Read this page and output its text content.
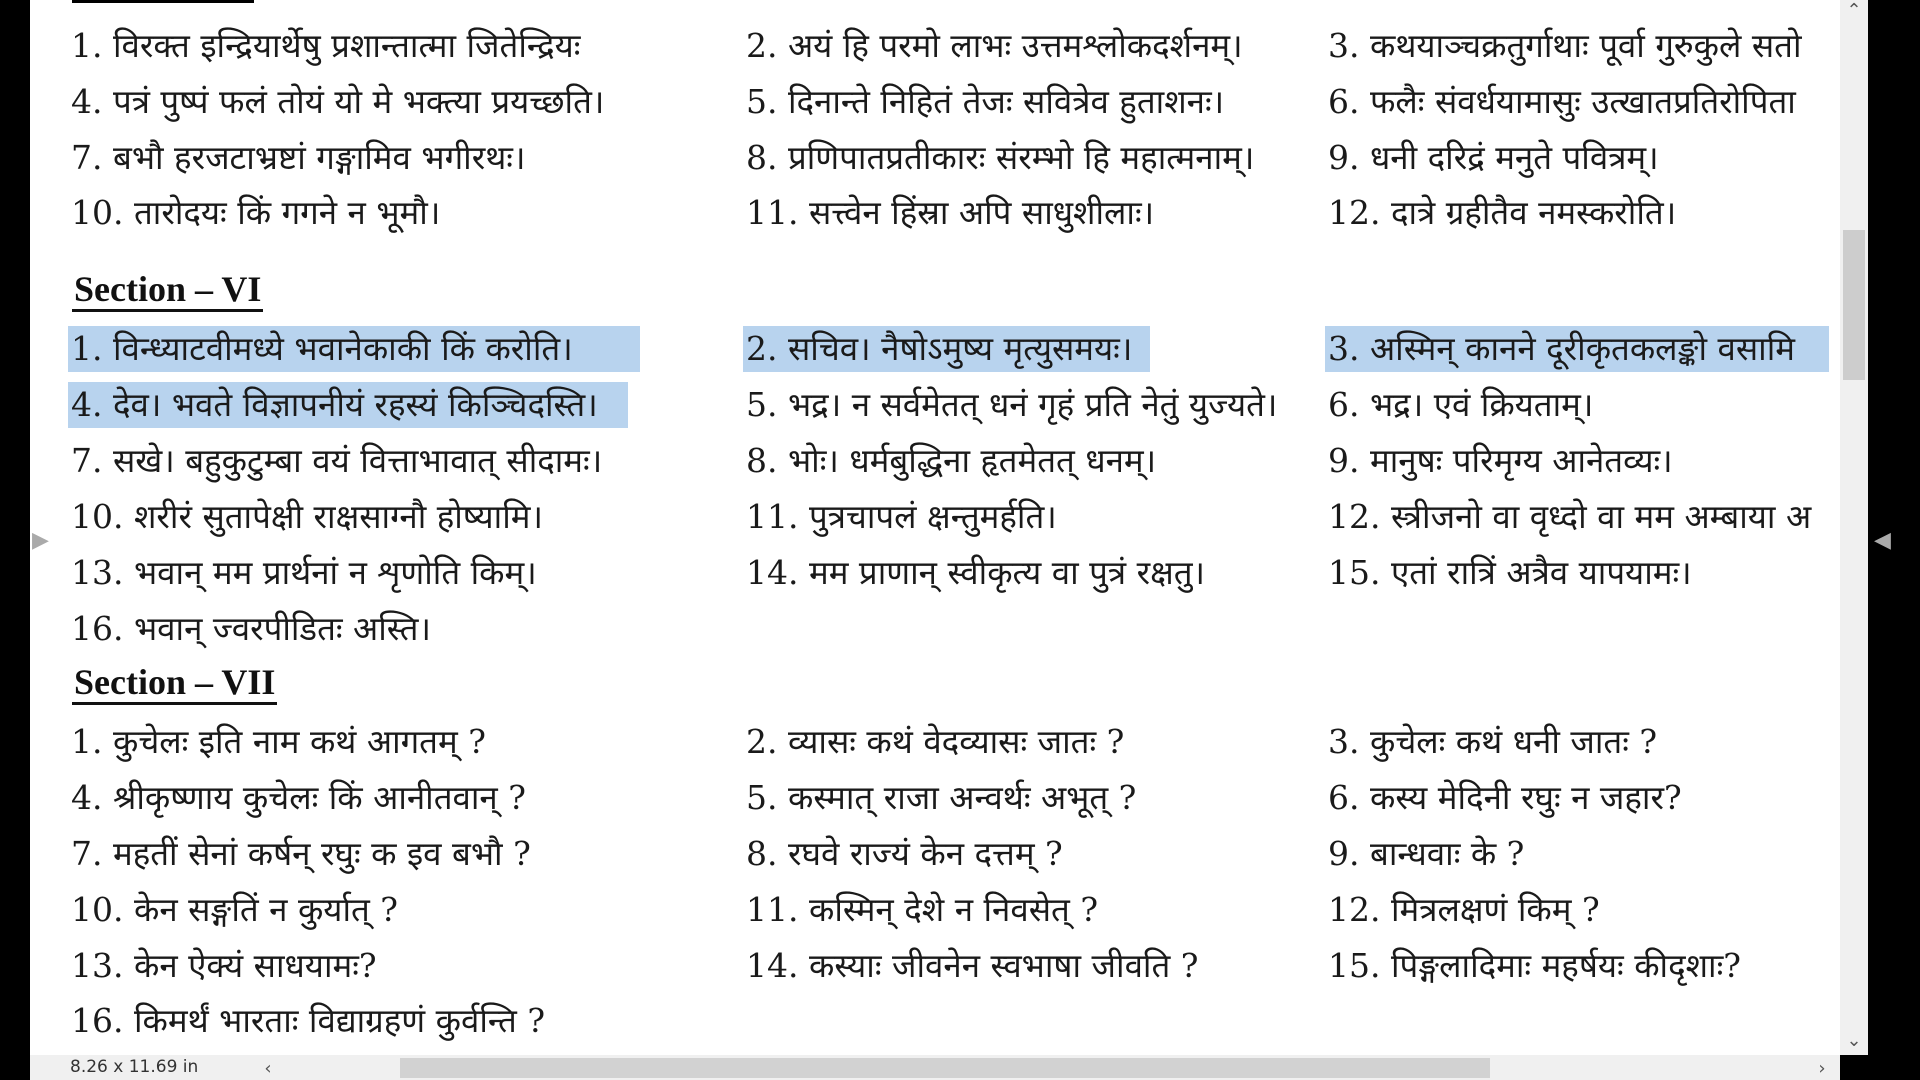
1. विरक्त इन्द्रियार्थेषु प्रशान्तात्मा जितेन्द्रियः	2. अयं हि परमो लाभः उत्तमश्लोकदर्शनम्।	3. कथयाञ्चक्रतुर्गाथाः पूर्वा गुरुकुले सतो
4. पत्रं पुष्पं फलं तोयं यो मे भक्त्या प्रयच्छति।	5. दिनान्ते निहितं तेजः सवित्रेव हुताशनः।	6. फलैः संवर्धयामासुः उत्खातप्रतिरोपिता
7. बभौ हरजटाभ्रष्टां गङ्गामिव भगीरथः।	8. प्रणिपातप्रतीकारः संरम्भो हि महात्मनाम्।	9. धनी दरिद्रं मनुते पवित्रम्।
10. तारोदयः किं गगने न भूमौ।	11. सत्त्वेन हिंस्रा अपि साधुशीलाः।	12. दात्रे ग्रहीतैव नमस्करोति।
Section – VI
1. विन्ध्याटवीमध्ये भवानेकाकी किं करोति।	2. सचिव। नैषोऽमुष्य मृत्युसमयः।	3. अस्मिन् कानने दूरीकृतकलङ्को वसामि
4. देव। भवते विज्ञापनीयं रहस्यं किञ्चिदस्ति।	5. भद्र। न सर्वमेतत् धनं गृहं प्रति नेतुं युज्यते।	6. भद्र। एवं क्रियताम्।
7. सखे। बहुकुटुम्बा वयं वित्ताभावात् सीदामः।	8. भोः। धर्मबुद्धिना हृतमेतत् धनम्।	9. मानुषः परिमृग्य आनेतव्यः।
10. शरीरं सुतापेक्षी राक्षसाग्नौ होष्यामि।	11. पुत्रचापलं क्षन्तुमर्हति।	12. स्त्रीजनो वा वृध्दो वा मम अम्बाया अ
13. भवान् मम प्रार्थनां न शृणोति किम्।	14. मम प्राणान् स्वीकृत्य वा पुत्रं रक्षतु।	15. एतां रात्रिं अत्रैव यापयामः।
16. भवान् ज्वरपीडितः अस्ति।
Section – VII
1. कुचेलः इति नाम कथं आगतम् ?	2. व्यासः कथं वेदव्यासः जातः ?	3. कुचेलः कथं धनी जातः ?
4. श्रीकृष्णाय कुचेलः किं आनीतवान् ?	5. कस्मात् राजा अन्वर्थः अभूत् ?	6. कस्य मेदिनी रघुः न जहार?
7. महतीं सेनां कर्षन् रघुः क इव बभौ ?	8. रघवे राज्यं केन दत्तम् ?	9. बान्धवाः के ?
10. केन सङ्गतिं न कुर्यात् ?	11. कस्मिन् देशे न निवसेत् ?	12. मित्रलक्षणं किम् ?
13. केन ऐक्यं साधयामः?	14. कस्याः जीवनेन स्वभाषा जीवति ?	15. पिङ्गलादिमाः महर्षयः कीदृशाः?
16. किमर्थं भारताः विद्याग्रहणं कुर्वन्ति ?
▶	◀
⌃
⌄
8.26 x 11.69 in	‹	›
